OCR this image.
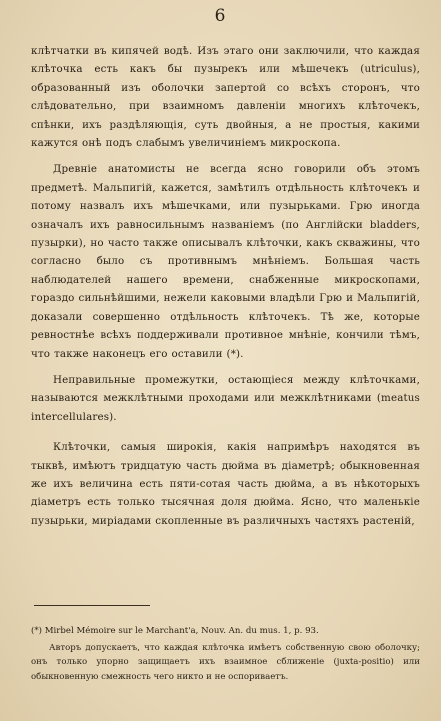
6

клѣтчатки въ кипячей водѣ. Изъ этаго они заключили, что каждая клѣточка есть какъ бы пузырекъ или мѣшечекъ (utriculus), образованный изъ оболочки запертой со всѣхъ сторонъ, что слѣдовательно, при взаимномъ давленіи многихъ клѣточекъ, спѣнки, ихъ раздѣляющія, суть двойныя, а не простыя, какими кажутся онѣ подъ слабымъ увеличиніемъ микроскопа.

Древніе анатомисты не всегда ясно говорили объ этомъ предметѣ. Мальпигій, кажется, замѣтилъ отдѣльность клѣточекъ и потому назвалъ ихъ мѣшечками, или пузырьками. Грю иногда означалъ ихъ равносильнымъ названіемъ (по Англійски bladders, пузырки), но часто также описывалъ клѣточки, какъ скважины, что согласно было съ противнымъ мнѣніемъ. Большая часть наблюдателей нашего времени, снабженные микроскопами, гораздо сильнѣйшими, нежели каковыми владѣли Грю и Мальпигій, доказали совершенно отдѣльность клѣточекъ. Тѣ же, которые ревностнѣе всѣхъ поддерживали противное мнѣніе, кончили тѣмъ, что также наконецъ его оставили (*).

Неправильные промежутки, остающіеся между клѣточками, называются межклѣтными проходами или межклѣтниками (meatus intercellulares).

Клѣточки, самыя широкія, какія напримѣръ находятся въ тыквѣ, имѣютъ тридцатую часть дюйма въ діаметрѣ; обыкновенная же ихъ величина есть пяти-сотая часть дюйма, а въ нѣкоторыхъ діаметръ есть только тысячная доля дюйма. Ясно, что маленькіе пузырьки, миріадами скопленные въ различныхъ частяхъ растеній,

(*) Mirbel Mémoire sur le Marchant'a, Nouv. An. du mus. 1, p. 93.

Авторъ допускаетъ, что каждая клѣточка имѣетъ собственную свою оболочку; онъ только упорно защищаетъ ихъ взаимное сближеніе (juxta-positio) или обыкновенную смежность чего никто и не оспориваетъ.
